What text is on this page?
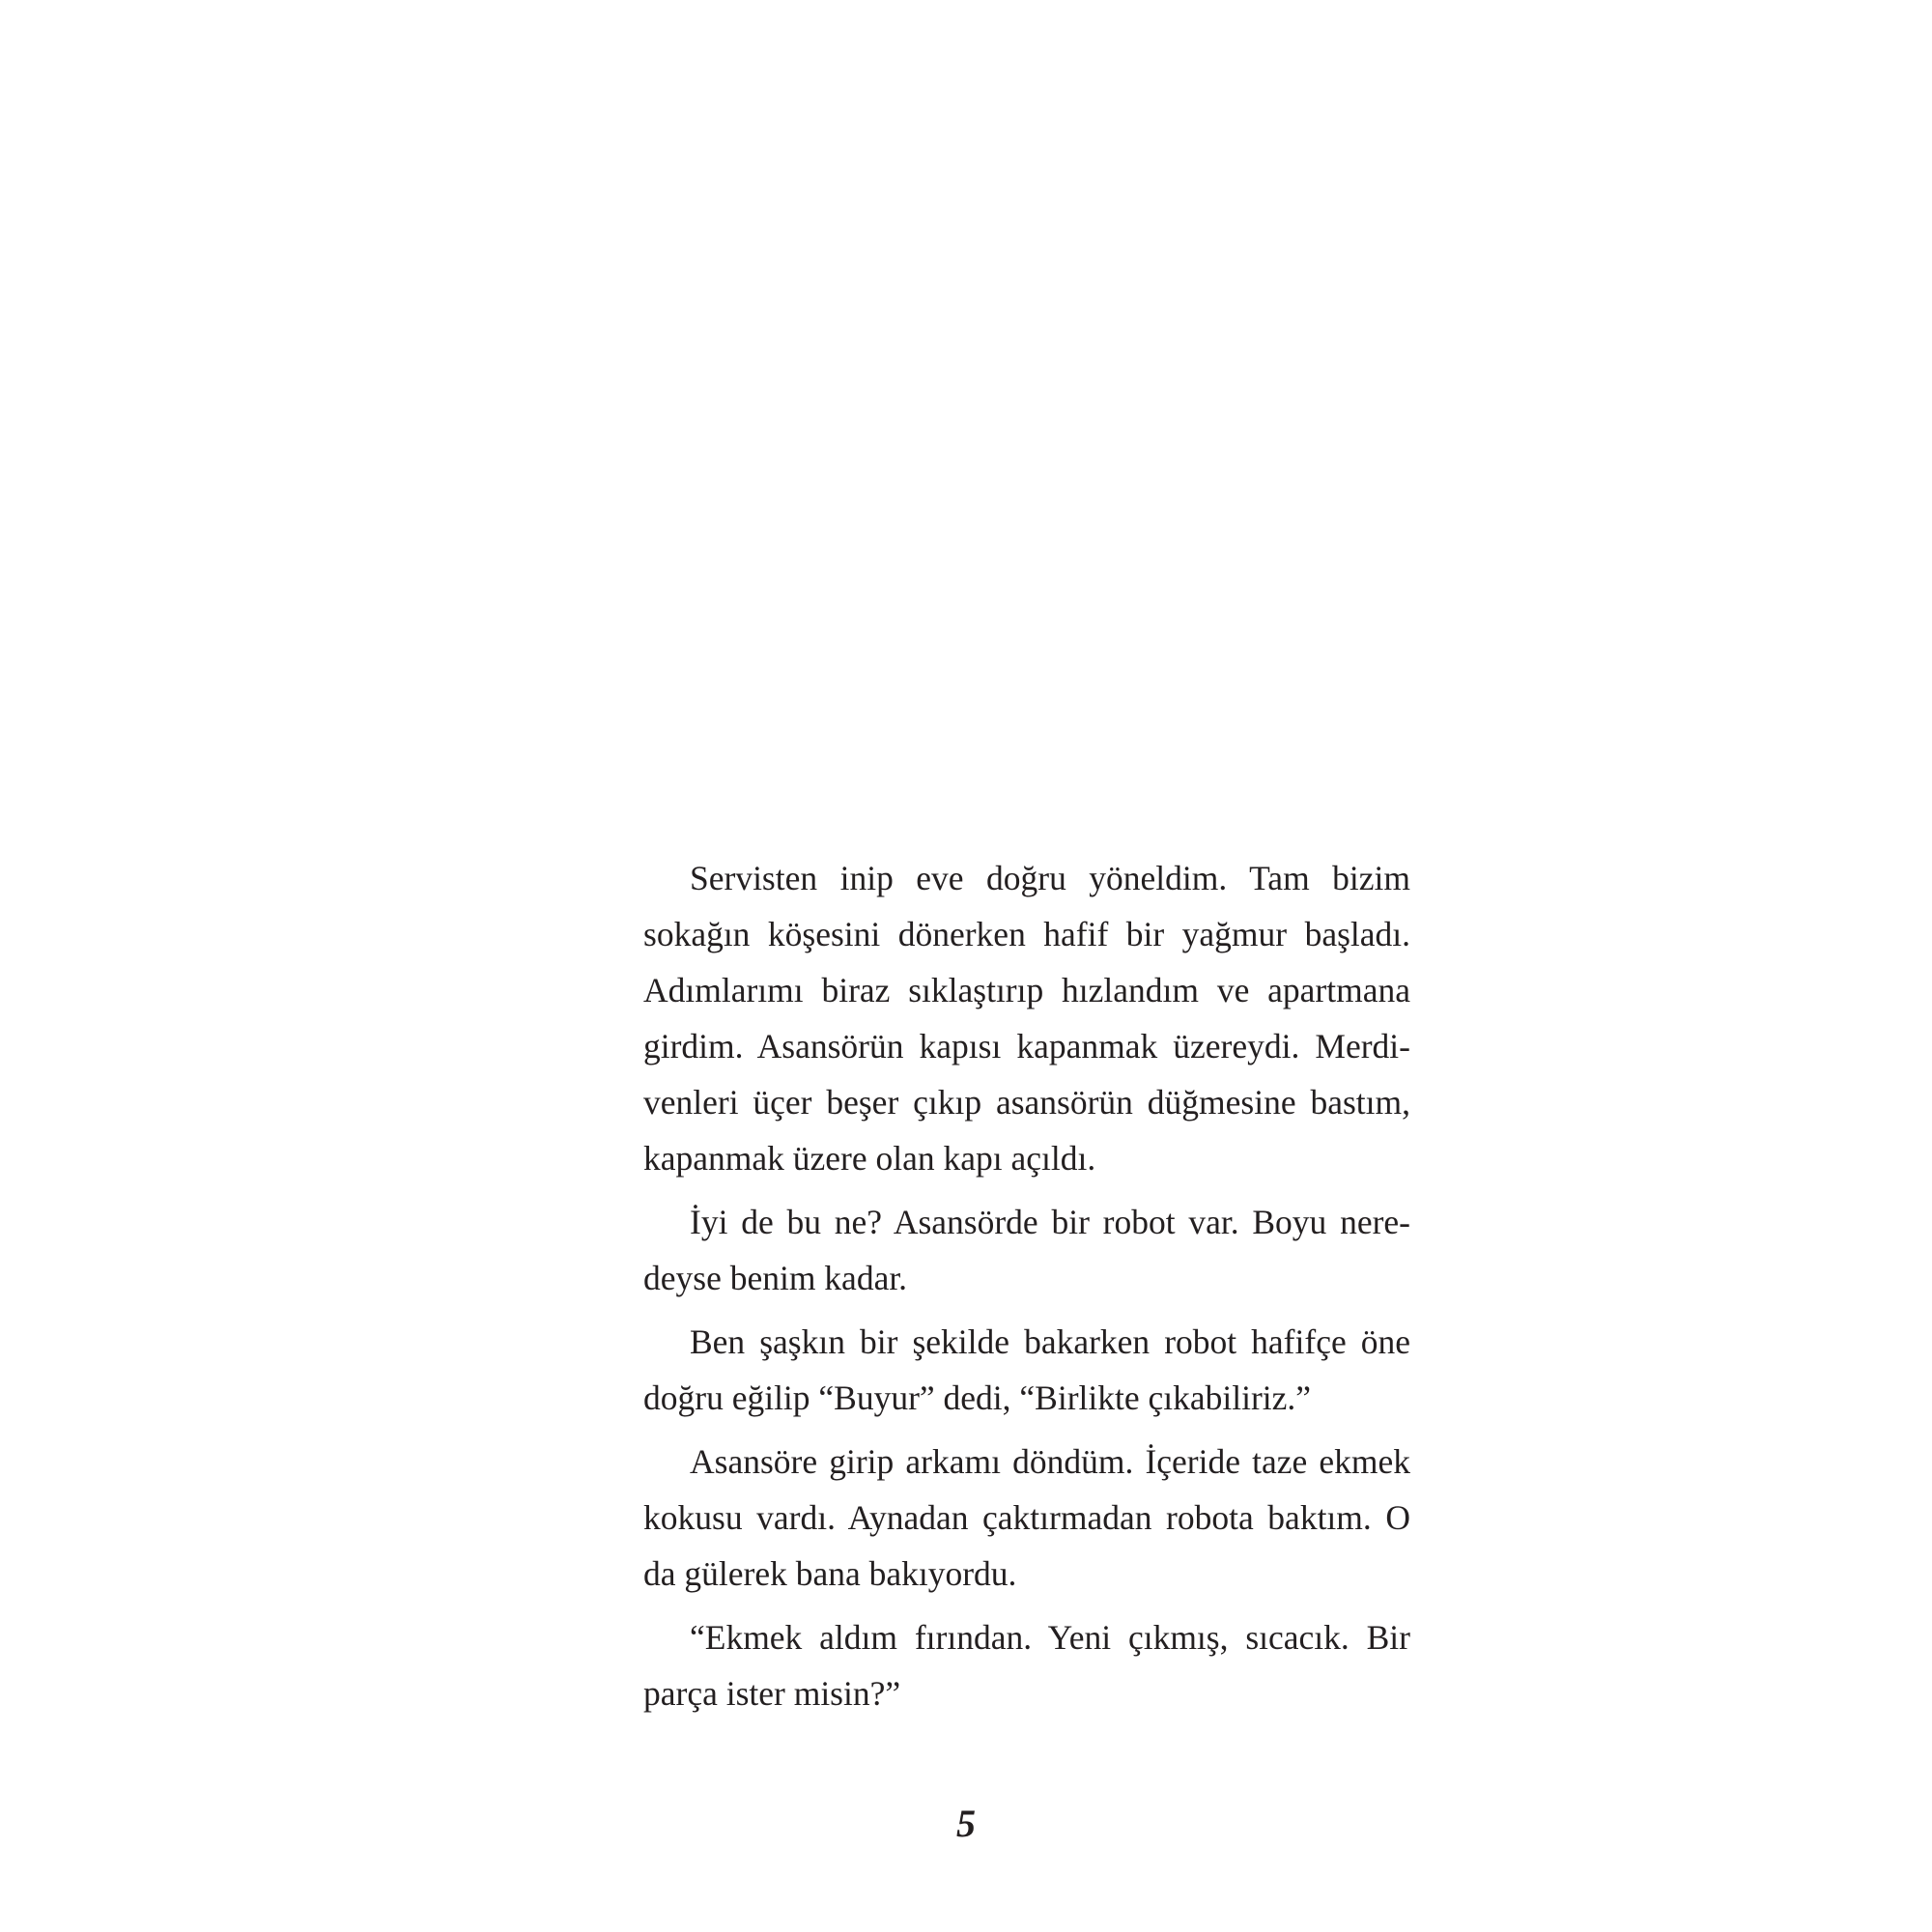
Servisten inip eve doğru yöneldim. Tam bizim
sokağın köşesini dönerken hafif bir yağmur başladı.
Adımlarımı biraz sıklaştırıp hızlandım ve apartmana
girdim. Asansörün kapısı kapanmak üzereydi. Merdi-
venleri üçer beşer çıkıp asansörün düğmesine bastım,
kapanmak üzere olan kapı açıldı.
İyi de bu ne? Asansörde bir robot var. Boyu nere-
deyse benim kadar.
Ben şaşkın bir şekilde bakarken robot hafifçe öne
doğru eğilip “Buyur” dedi, “Birlikte çıkabiliriz.”
Asansöre girip arkamı döndüm. İçeride taze ekmek
kokusu vardı. Aynadan çaktırmadan robota baktım. O
da gülerek bana bakıyordu.
“Ekmek aldım fırından. Yeni çıkmış, sıcacık. Bir
parça ister misin?”
5
